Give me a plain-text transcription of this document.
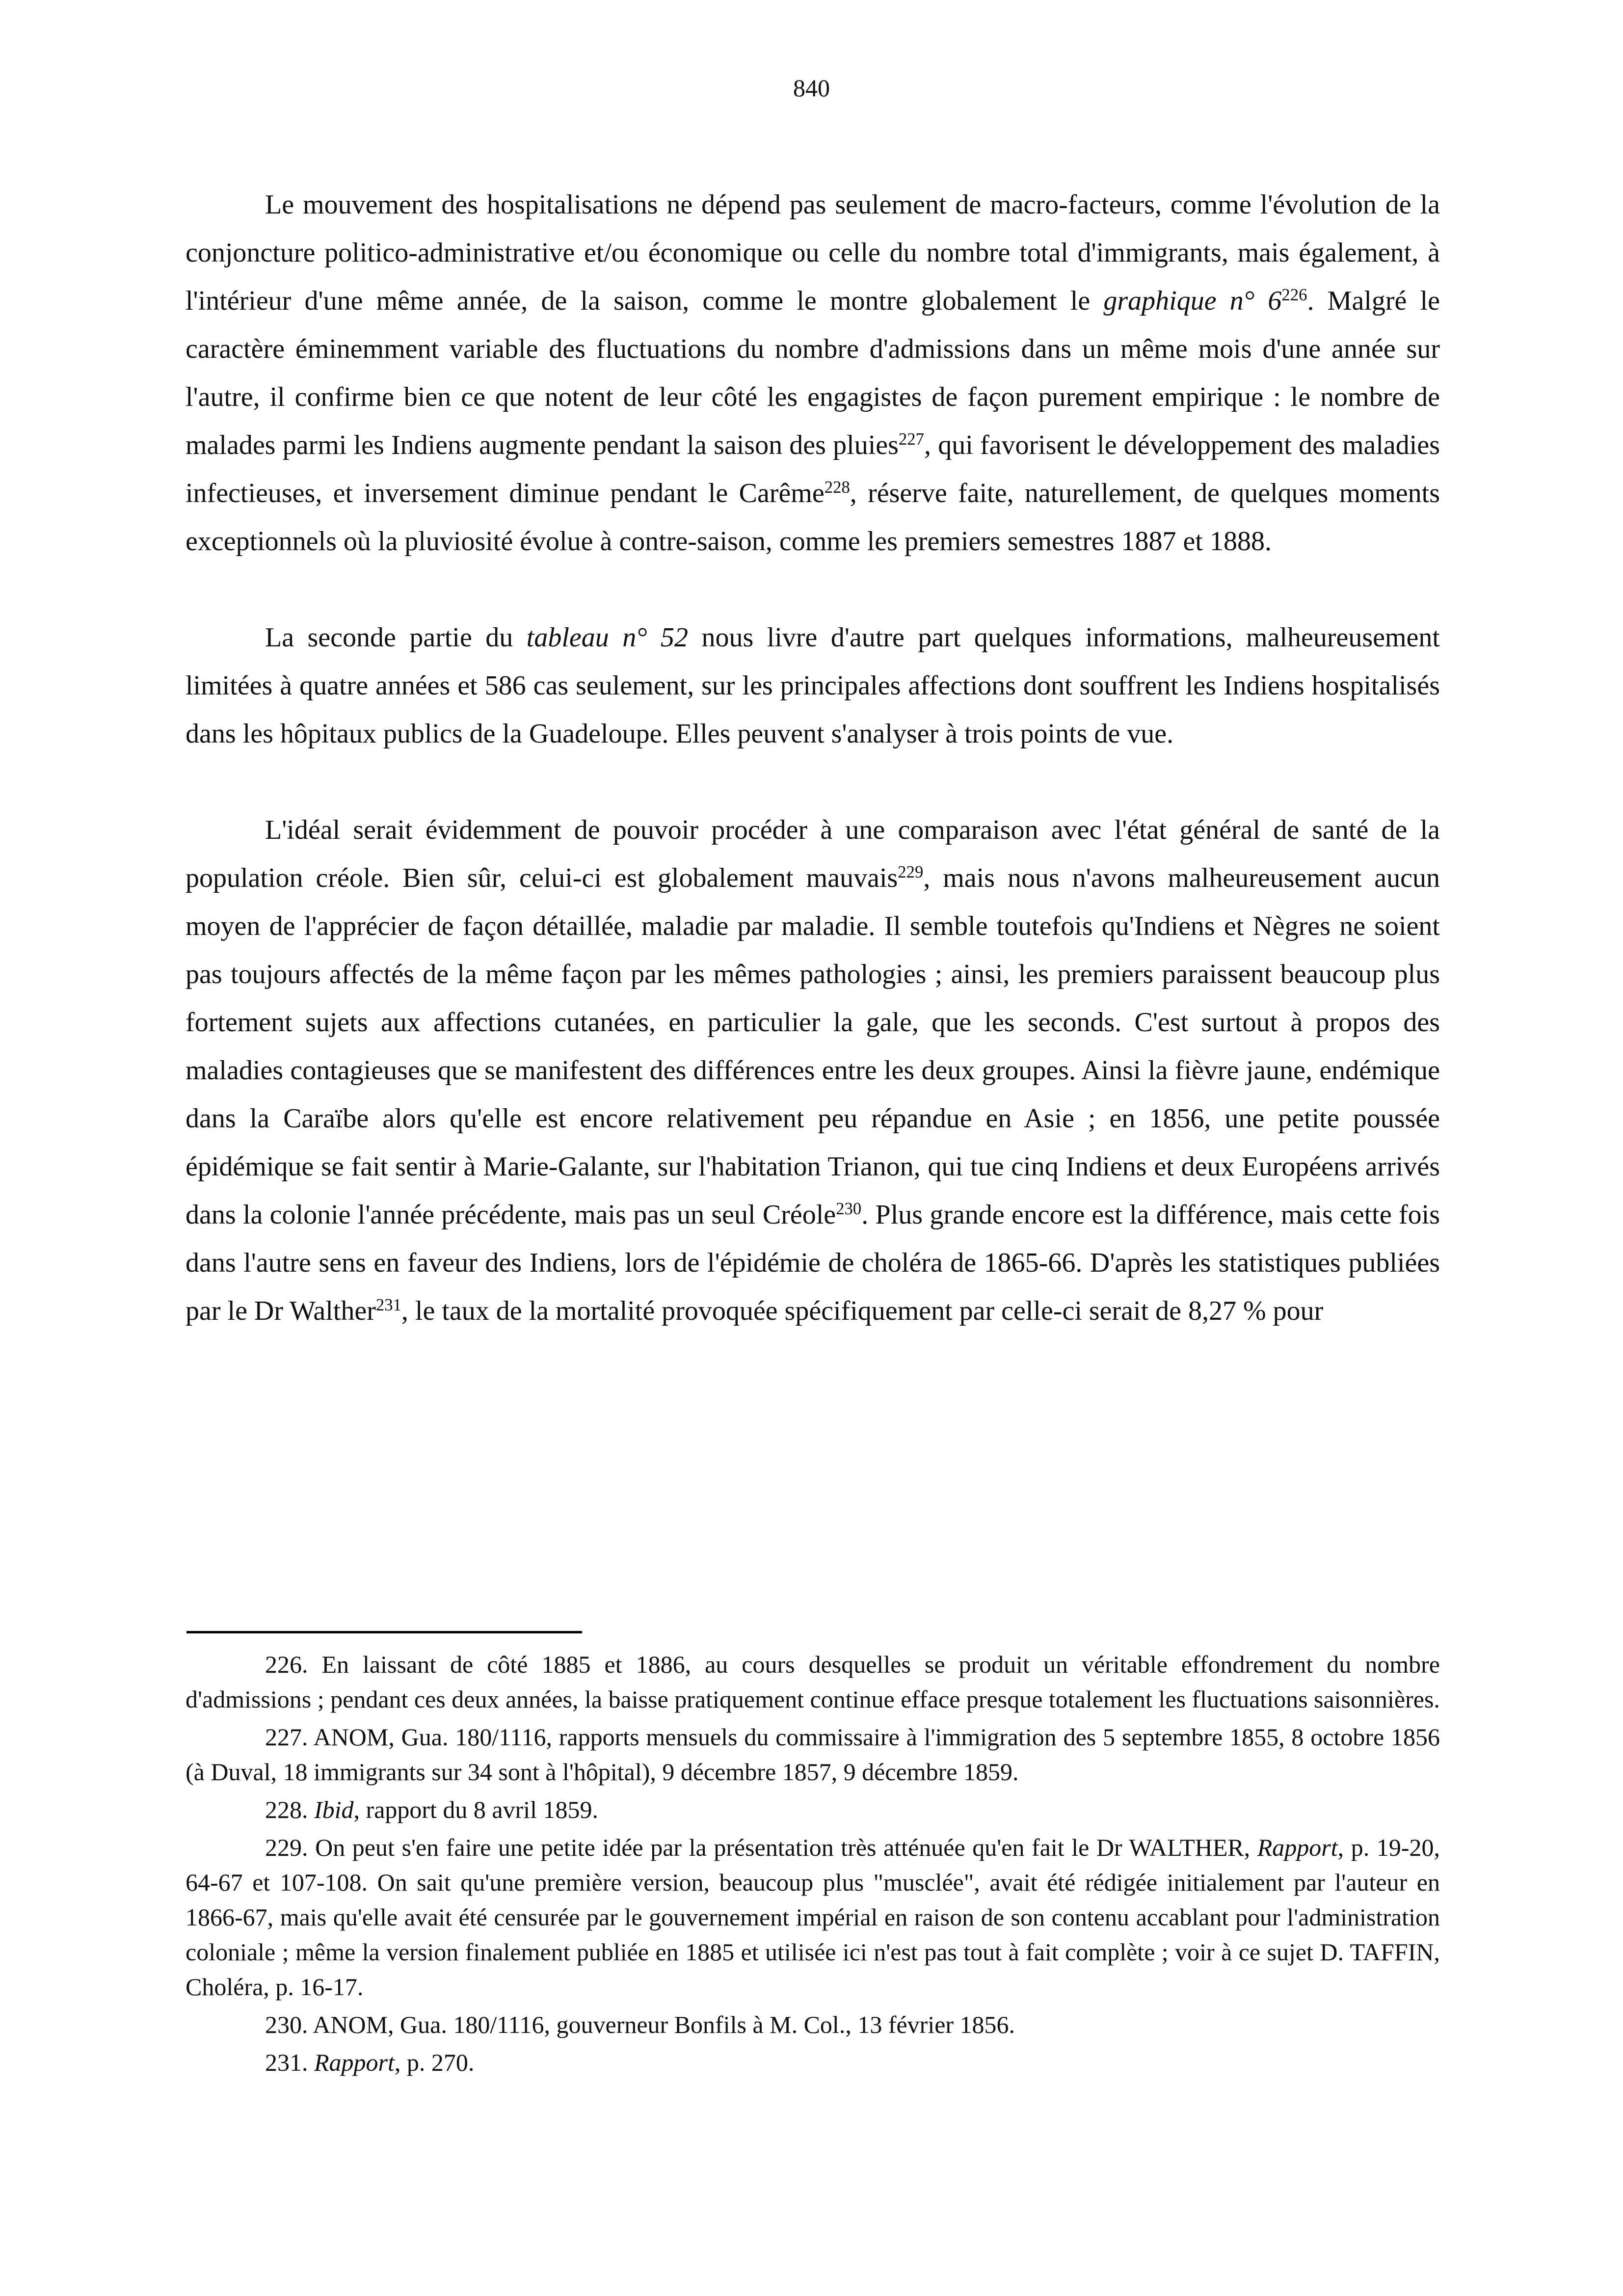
840

Le mouvement des hospitalisations ne dépend pas seulement de macro-facteurs, comme l'évolution de la conjoncture politico-administrative et/ou économique ou celle du nombre total d'immigrants, mais également, à l'intérieur d'une même année, de la saison, comme le montre globalement le graphique n° $6^{226}$. Malgré le caractère éminemment variable des fluctuations du nombre d'admissions dans un même mois d'une année sur l'autre, il confirme bien ce que notent de leur côté les engagistes de façon purement empirique : le nombre de malades parmi les Indiens augmente pendant la saison des pluies$^{227}$, qui favorisent le développement des maladies infectieuses, et inversement diminue pendant le Carême$^{228}$, réserve faite, naturellement, de quelques moments exceptionnels où la pluviosité évolue à contre-saison, comme les premiers semestres 1887 et 1888.

La seconde partie du tableau n° 52 nous livre d'autre part quelques informations, malheureusement limitées à quatre années et 586 cas seulement, sur les principales affections dont souffrent les Indiens hospitalisés dans les hôpitaux publics de la Guadeloupe. Elles peuvent s'analyser à trois points de vue.

L'idéal serait évidemment de pouvoir procéder à une comparaison avec l'état général de santé de la population créole. Bien sûr, celui-ci est globalement mauvais$^{229}$, mais nous n'avons malheureusement aucun moyen de l'apprécier de façon détaillée, maladie par maladie. Il semble toutefois qu'Indiens et Nègres ne soient pas toujours affectés de la même façon par les mêmes pathologies ; ainsi, les premiers paraissent beaucoup plus fortement sujets aux affections cutanées, en particulier la gale, que les seconds. C'est surtout à propos des maladies contagieuses que se manifestent des différences entre les deux groupes. Ainsi la fièvre jaune, endémique dans la Caraïbe alors qu'elle est encore relativement peu répandue en Asie ; en 1856, une petite poussée épidémique se fait sentir à Marie-Galante, sur l'habitation Trianon, qui tue cinq Indiens et deux Européens arrivés dans la colonie l'année précédente, mais pas un seul Créole$^{230}$. Plus grande encore est la différence, mais cette fois dans l'autre sens en faveur des Indiens, lors de l'épidémie de choléra de 1865-66. D'après les statistiques publiées par le Dr Walther$^{231}$, le taux de la mortalité provoquée spécifiquement par celle-ci serait de 8,27 % pour

226. En laissant de côté 1885 et 1886, au cours desquelles se produit un véritable effondrement du nombre d'admissions ; pendant ces deux années, la baisse pratiquement continue efface presque totalement les fluctuations saisonnières.

227. ANOM, Gua. 180/1116, rapports mensuels du commissaire à l'immigration des 5 septembre 1855, 8 octobre 1856 (à Duval, 18 immigrants sur 34 sont à l'hôpital), 9 décembre 1857, 9 décembre 1859.

228. Ibid, rapport du 8 avril 1859.

229. On peut s'en faire une petite idée par la présentation très atténuée qu'en fait le Dr WALTHER, Rapport, p. 19-20, 64-67 et 107-108. On sait qu'une première version, beaucoup plus "musclée", avait été rédigée initialement par l'auteur en 1866-67, mais qu'elle avait été censurée par le gouvernement impérial en raison de son contenu accablant pour l'administration coloniale ; même la version finalement publiée en 1885 et utilisée ici n'est pas tout à fait complète ; voir à ce sujet D. TAFFIN, Choléra, p. 16-17.

230. ANOM, Gua. 180/1116, gouverneur Bonfils à M. Col., 13 février 1856.

231. Rapport, p. 270.
